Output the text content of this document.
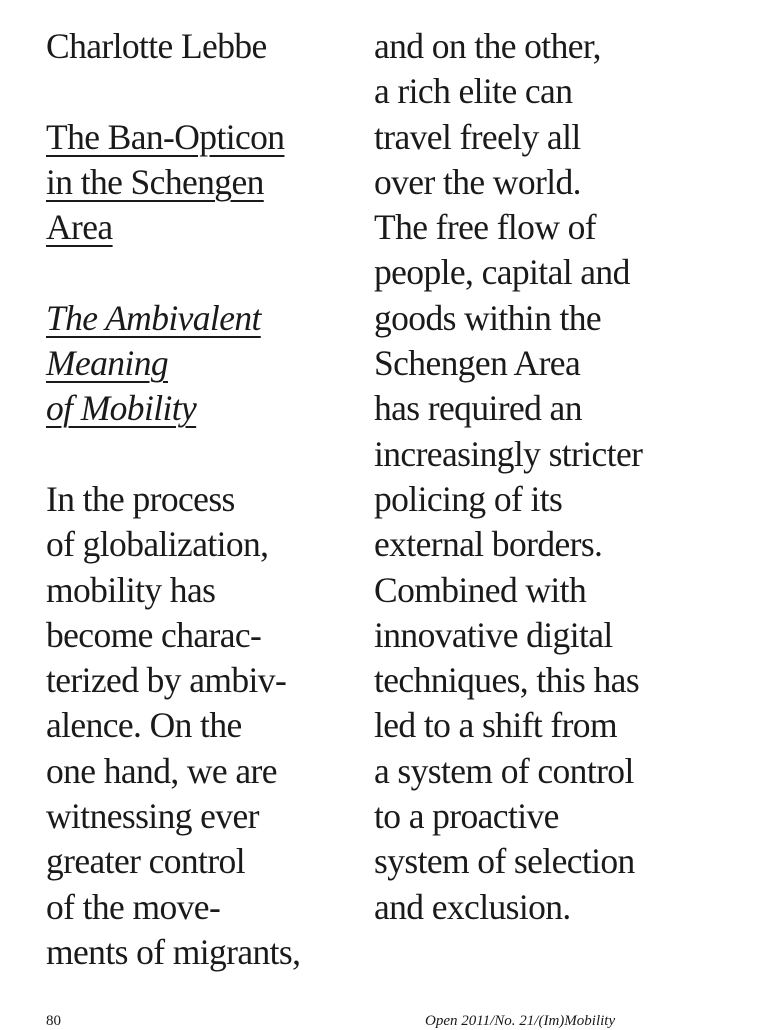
Charlotte Lebbe
The Ban-Opticon
in the Schengen
Area
The Ambivalent
Meaning
of Mobility
In the process
of globalization,
mobility has
become charac-
terized by ambiv-
alence. On the
one hand, we are
witnessing ever
greater control
of the move-
ments of migrants,
and on the other,
a rich elite can
travel freely all
over the world.
The free flow of
people, capital and
goods within the
Schengen Area
has required an
increasingly stricter
policing of its
external borders.
Combined with
innovative digital
techniques, this has
led to a shift from
a system of control
to a proactive
system of selection
and exclusion.
80	Open 2011/No. 21/(Im)Mobility
